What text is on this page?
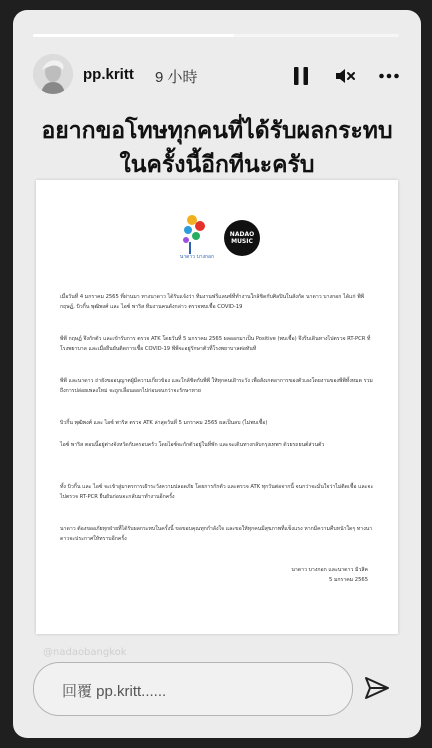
pp.kritt 9 小時
อยากขอโทษทุกคนที่ได้รับผลกระทบ
ในครั้งนี้อีกทีนะครับ
นาดาว บางกอก
NADAO MUSIC
เมื่อวันที่ 4 มกราคม 2565 ที่ผ่านมา ทางนาดาว ได้รับแจ้งว่า ทีมงานฟรีแลนซ์ที่ทำงานใกล้ชิดกับศิลปินในสังกัด นาดาว บางกอก ได้แก่ พีพี กฤษฏ์, บิวกิ้น พุฒิพงศ์ และ ไอซ์ พาริส ทีมงานคนดังกล่าว ตรวจพบเชื้อ COVID-19
พีพี กฤษฏ์ จึงกักตัว และเข้ารับการ ตรวจ ATK โดยวันที่ 5 มกราคม 2565 ผลออกมาเป็น Positive (พบเชื้อ) จึงรีบเดินทางไปตรวจ RT-PCR ที่โรงพยาบาล และเมื่อยืนยันติดการเชื้อ COVID-19 พีพีจะอยู่รักษาตัวที่โรงพยาบาลต่อทันที
พีพี และนาดาว ถ่ายังขออนุญาตผู้มีความเกี่ยวข้อง และใกล้ชิดกับพีพี ให้ทุกคนเฝ้าระวัง เพื่อสังเกตอาการของตัวเองโดยงานของพีพีทั้งหมด รวมถึงการปล่อยเพลงใหม่ จะถูกเลื่อนออกไปก่อนจนกว่าจะรักษาหาย
บิวกิ้น พุฒิพงศ์ และ ไอซ์ พาริส ตรวจ ATK ล่าสุดวันที่ 5 มกราคม 2565 ผลเป็นลบ (ไม่พบเชื้อ)
ไอซ์ พาริส ตอนนี้อยู่ต่างจังหวัดกับครอบครัว โดยไอซ์จะกักตัวอยู่ในที่พัก และจะเดินทางกลับกรุงเทพฯ ด้วยรถยนต์ส่วนตัว
ทั้ง บิวกิ้น และ ไอซ์ จะเข้าสู่มาตรการเฝ้าระวังความปลอดภัย โดยการกักตัว และตรวจ ATK ทุกวันต่อจากนี้ จนกว่าจะมั่นใจว่าไม่ติดเชื้อ และจะไปตรวจ RT-PCR ยืนยันก่อนจะกลับมาทำงานอีกครั้ง
นาดาว ต้องขออภัยทุกฝ่ายที่ได้รับผลกระทบในครั้งนี้ ขอขอบคุณทุกกำลังใจ และขอให้ทุกคนมีสุขภาพที่แข็งแรง หากมีความคืบหน้าใดๆ ทางนาดาวจะประกาศให้ทราบอีกครั้ง
นาดาว บางกอก และนาดาว มิวสิค
5 มกราคม 2565
@nadaobangkok
回覆 pp.kritt......
